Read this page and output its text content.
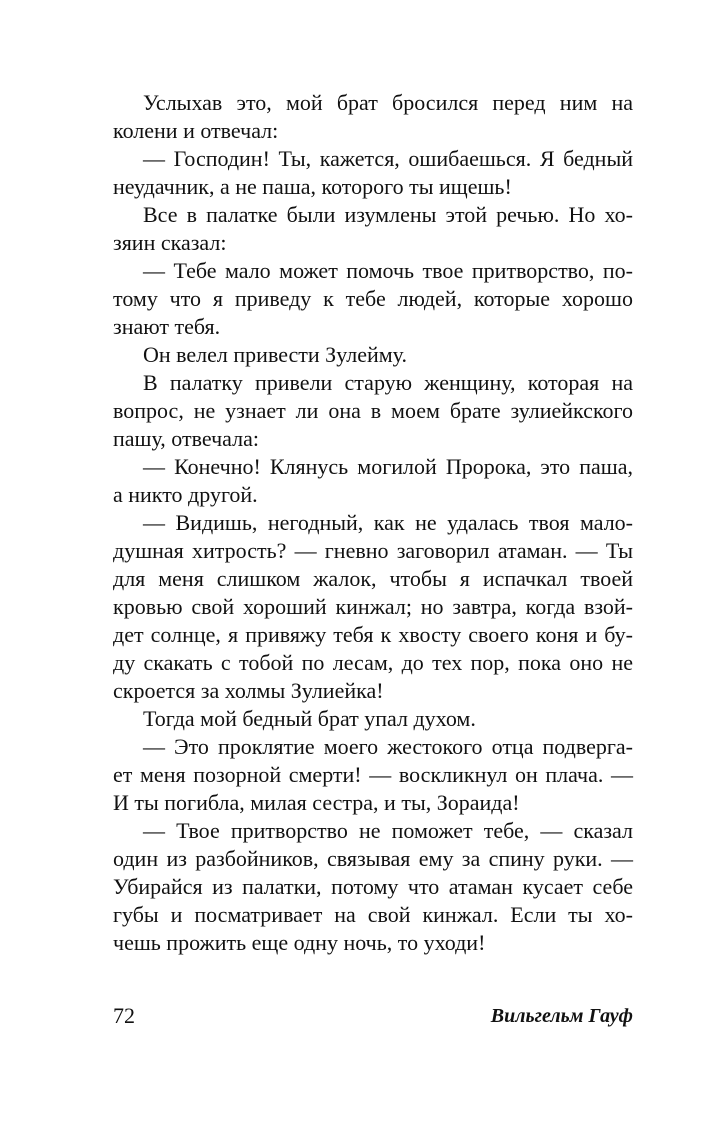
Услыхав это, мой брат бросился перед ним на
колени и отвечал:
— Господин! Ты, кажется, ошибаешься. Я бедный
неудачник, а не паша, которого ты ищешь!
Все в палатке были изумлены этой речью. Но хо-
зяин сказал:
— Тебе мало может помочь твое притворство, по-
тому что я приведу к тебе людей, которые хорошо
знают тебя.
Он велел привести Зулейму.
В палатку привели старую женщину, которая на
вопрос, не узнает ли она в моем брате зулиейкского
пашу, отвечала:
— Конечно! Клянусь могилой Пророка, это паша,
а никто другой.
— Видишь, негодный, как не удалась твоя мало-
душная хитрость? — гневно заговорил атаман. — Ты
для меня слишком жалок, чтобы я испачкал твоей
кровью свой хороший кинжал; но завтра, когда взой-
дет солнце, я привяжу тебя к хвосту своего коня и бу-
ду скакать с тобой по лесам, до тех пор, пока оно не
скроется за холмы Зулиейка!
Тогда мой бедный брат упал духом.
— Это проклятие моего жестокого отца подверга-
ет меня позорной смерти! — воскликнул он плача. —
И ты погибла, милая сестра, и ты, Зораида!
— Твое притворство не поможет тебе, — сказал
один из разбойников, связывая ему за спину руки. —
Убирайся из палатки, потому что атаман кусает себе
губы и посматривает на свой кинжал. Если ты хо-
чешь прожить еще одну ночь, то уходи!
72	Вильгельм Гауф
